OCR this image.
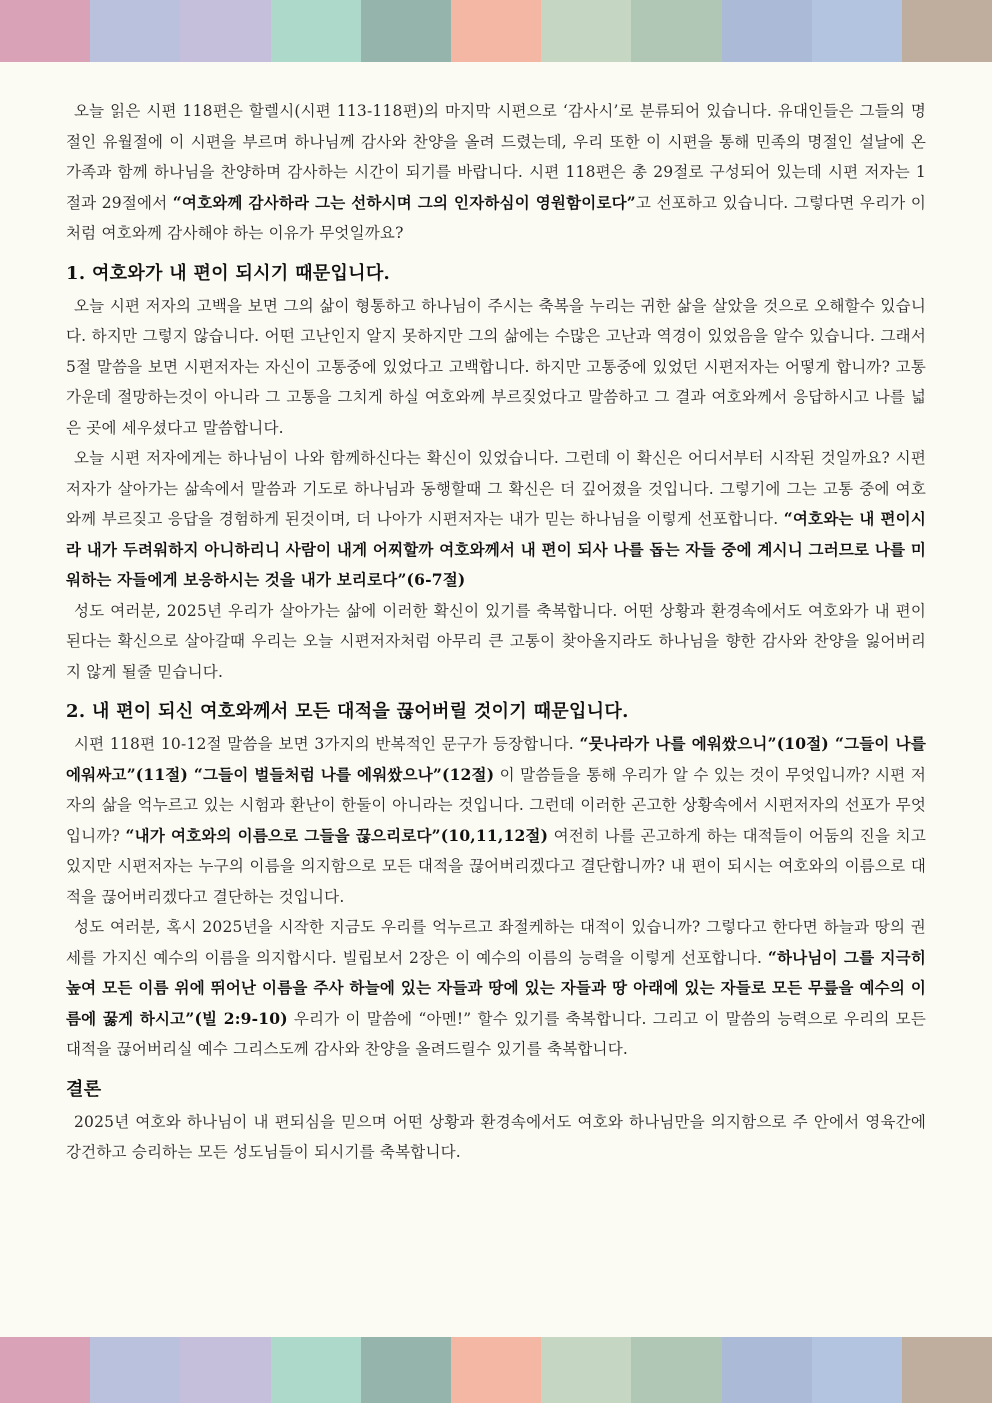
오늘 읽은 시편 118편은 할렐시(시편 113-118편)의 마지막 시편으로 ‘감사시’로 분류되어 있습니다. 유대인들은 그들의 명절인 유월절에 이 시편을 부르며 하나님께 감사와 찬양을 올려 드렸는데, 우리 또한 이 시편을 통해 민족의 명절인 설날에 온 가족과 함께 하나님을 찬양하며 감사하는 시간이 되기를 바랍니다. 시편 118편은 총 29절로 구성되어 있는데 시편 저자는 1절과 29절에서 “여호와께 감사하라 그는 선하시며 그의 인자하심이 영원함이로다”고 선포하고 있습니다. 그렇다면 우리가 이처럼 여호와께 감사해야 하는 이유가 무엇일까요?

1. 여호와가 내 편이 되시기 때문입니다.

오늘 시편 저자의 고백을 보면 그의 삶이 형통하고 하나님이 주시는 축복을 누리는 귀한 삶을 살았을 것으로 오해할수 있습니다. 하지만 그렇지 않습니다. 어떤 고난인지 알지 못하지만 그의 삶에는 수많은 고난과 역경이 있었음을 알수 있습니다. 그래서 5절 말씀을 보면 시편저자는 자신이 고통중에 있었다고 고백합니다. 하지만 고통중에 있었던 시편저자는 어떻게 합니까? 고통 가운데 절망하는것이 아니라 그 고통을 그치게 하실 여호와께 부르짖었다고 말씀하고 그 결과 여호와께서 응답하시고 나를 넓은 곳에 세우셨다고 말씀합니다.

오늘 시편 저자에게는 하나님이 나와 함께하신다는 확신이 있었습니다. 그런데 이 확신은 어디서부터 시작된 것일까요? 시편 저자가 살아가는 삶속에서 말씀과 기도로 하나님과 동행할때 그 확신은 더 깊어졌을 것입니다. 그렇기에 그는 고통 중에 여호와께 부르짖고 응답을 경험하게 된것이며, 더 나아가 시편저자는 내가 믿는 하나님을 이렇게 선포합니다. “여호와는 내 편이시라 내가 두려워하지 아니하리니 사람이 내게 어찌할까 여호와께서 내 편이 되사 나를 돕는 자들 중에 계시니 그러므로 나를 미워하는 자들에게 보응하시는 것을 내가 보리로다”(6-7절)

성도 여러분, 2025년 우리가 살아가는 삶에 이러한 확신이 있기를 축복합니다. 어떤 상황과 환경속에서도 여호와가 내 편이 된다는 확신으로 살아갈때 우리는 오늘 시편저자처럼 아무리 큰 고통이 찾아올지라도 하나님을 향한 감사와 찬양을 잃어버리지 않게 될줄 믿습니다.

2. 내 편이 되신 여호와께서 모든 대적을 끊어버릴 것이기 때문입니다.

시편 118편 10-12절 말씀을 보면 3가지의 반복적인 문구가 등장합니다. “뭇나라가 나를 에워쌌으니”(10절) “그들이 나를 에워싸고”(11절) “그들이 벌들처럼 나를 에워쌌으나”(12절) 이 말씀들을 통해 우리가 알 수 있는 것이 무엇입니까? 시편 저자의 삶을 억누르고 있는 시험과 환난이 한둘이 아니라는 것입니다. 그런데 이러한 곤고한 상황속에서 시편저자의 선포가 무엇입니까? “내가 여호와의 이름으로 그들을 끊으리로다”(10,11,12절) 여전히 나를 곤고하게 하는 대적들이 어둠의 진을 치고 있지만 시편저자는 누구의 이름을 의지함으로 모든 대적을 끊어버리겠다고 결단합니까? 내 편이 되시는 여호와의 이름으로 대적을 끊어버리겠다고 결단하는 것입니다.

성도 여러분, 혹시 2025년을 시작한 지금도 우리를 억누르고 좌절케하는 대적이 있습니까? 그렇다고 한다면 하늘과 땅의 권세를 가지신 예수의 이름을 의지합시다. 빌립보서 2장은 이 예수의 이름의 능력을 이렇게 선포합니다. “하나님이 그를 지극히 높여 모든 이름 위에 뛰어난 이름을 주사 하늘에 있는 자들과 땅에 있는 자들과 땅 아래에 있는 자들로 모든 무릎을 예수의 이름에 꿇게 하시고”(빌 2:9-10) 우리가 이 말씀에 “아멘!” 할수 있기를 축복합니다. 그리고 이 말씀의 능력으로 우리의 모든 대적을 끊어버리실 예수 그리스도께 감사와 찬양을 올려드릴수 있기를 축복합니다.

결론

2025년 여호와 하나님이 내 편되심을 믿으며 어떤 상황과 환경속에서도 여호와 하나님만을 의지함으로 주 안에서 영육간에 강건하고 승리하는 모든 성도님들이 되시기를 축복합니다.
